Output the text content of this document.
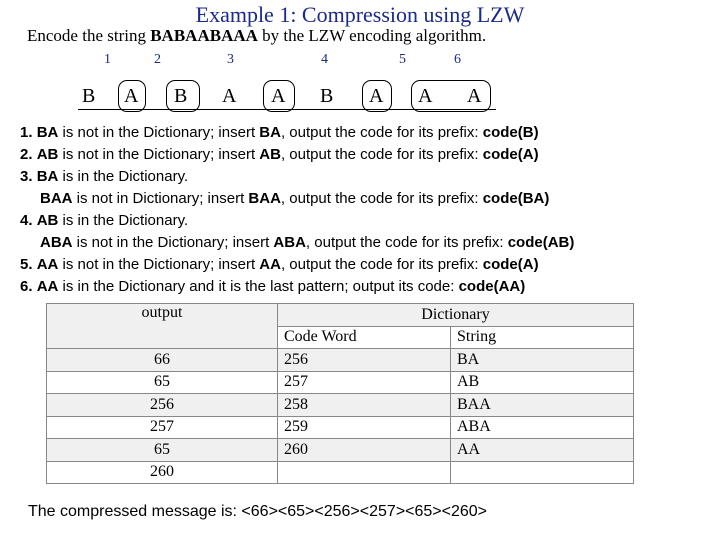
Example 1: Compression using LZW
Encode the string BABAABAAA by the LZW encoding algorithm.
1	2	3	4	5	6
B A B A A B A A A
1. BA is not in the Dictionary; insert BA, output the code for its prefix: code(B)
2. AB is not in the Dictionary; insert AB, output the code for its prefix: code(A)
3. BA is in the Dictionary.
BAA is not in Dictionary; insert BAA, output the code for its prefix: code(BA)
4. AB is in the Dictionary.
ABA is not in the Dictionary; insert ABA, output the code for its prefix: code(AB)
5. AA is not in the Dictionary; insert AA, output the code for its prefix: code(A)
6. AA is in the Dictionary and it is the last pattern; output its code: code(AA)
output	Dictionary	
	Code Word	String
66	256	BA
65	257	AB
256	258	BAA
257	259	ABA
65	260	AA
260		
The compressed message is: <66><65><256><257><65><260>
